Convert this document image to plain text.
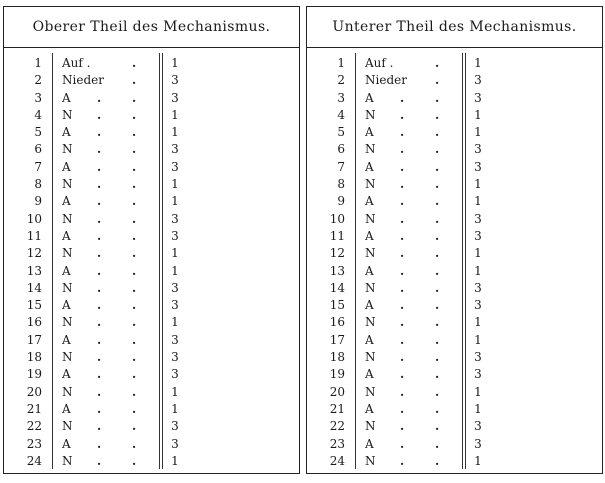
Oberer Theil des Mechanismus.
1 Auf .	.	1
2 Nieder .	3
3 A .	.	3
4 N .	.	1
5 A .	.	1
6 N .	.	3
7 A .	.	3
8 N .	.	1
9 A .	.	1
10 N .	.	3
11 A .	.	3
12 N .	.	1
13 A .	.	1
14 N .	.	3
15 A .	.	3
16 N .	.	1
17 A .	.	3
18 N .	.	3
19 A .	.	3
20 N .	.	1
21 A .	.	1
22 N .	.	3
23 A .	.	3
24 N .	.	1
Unterer Theil des Mechanismus.
1 Auf .	.	1
2 Nieder .	3
3 A .	.	3
4 N .	.	1
5 A .	.	1
6 N .	.	3
7 A .	.	3
8 N .	.	1
9 A .	.	1
10 N .	.	3
11 A .	.	3
12 N .	.	1
13 A .	.	1
14 N .	.	3
15 A .	.	3
16 N .	.	1
17 A .	.	1
18 N .	.	3
19 A .	.	3
20 N .	.	1
21 A .	.	1
22 N .	.	3
23 A .	.	3
24 N .	.	1
